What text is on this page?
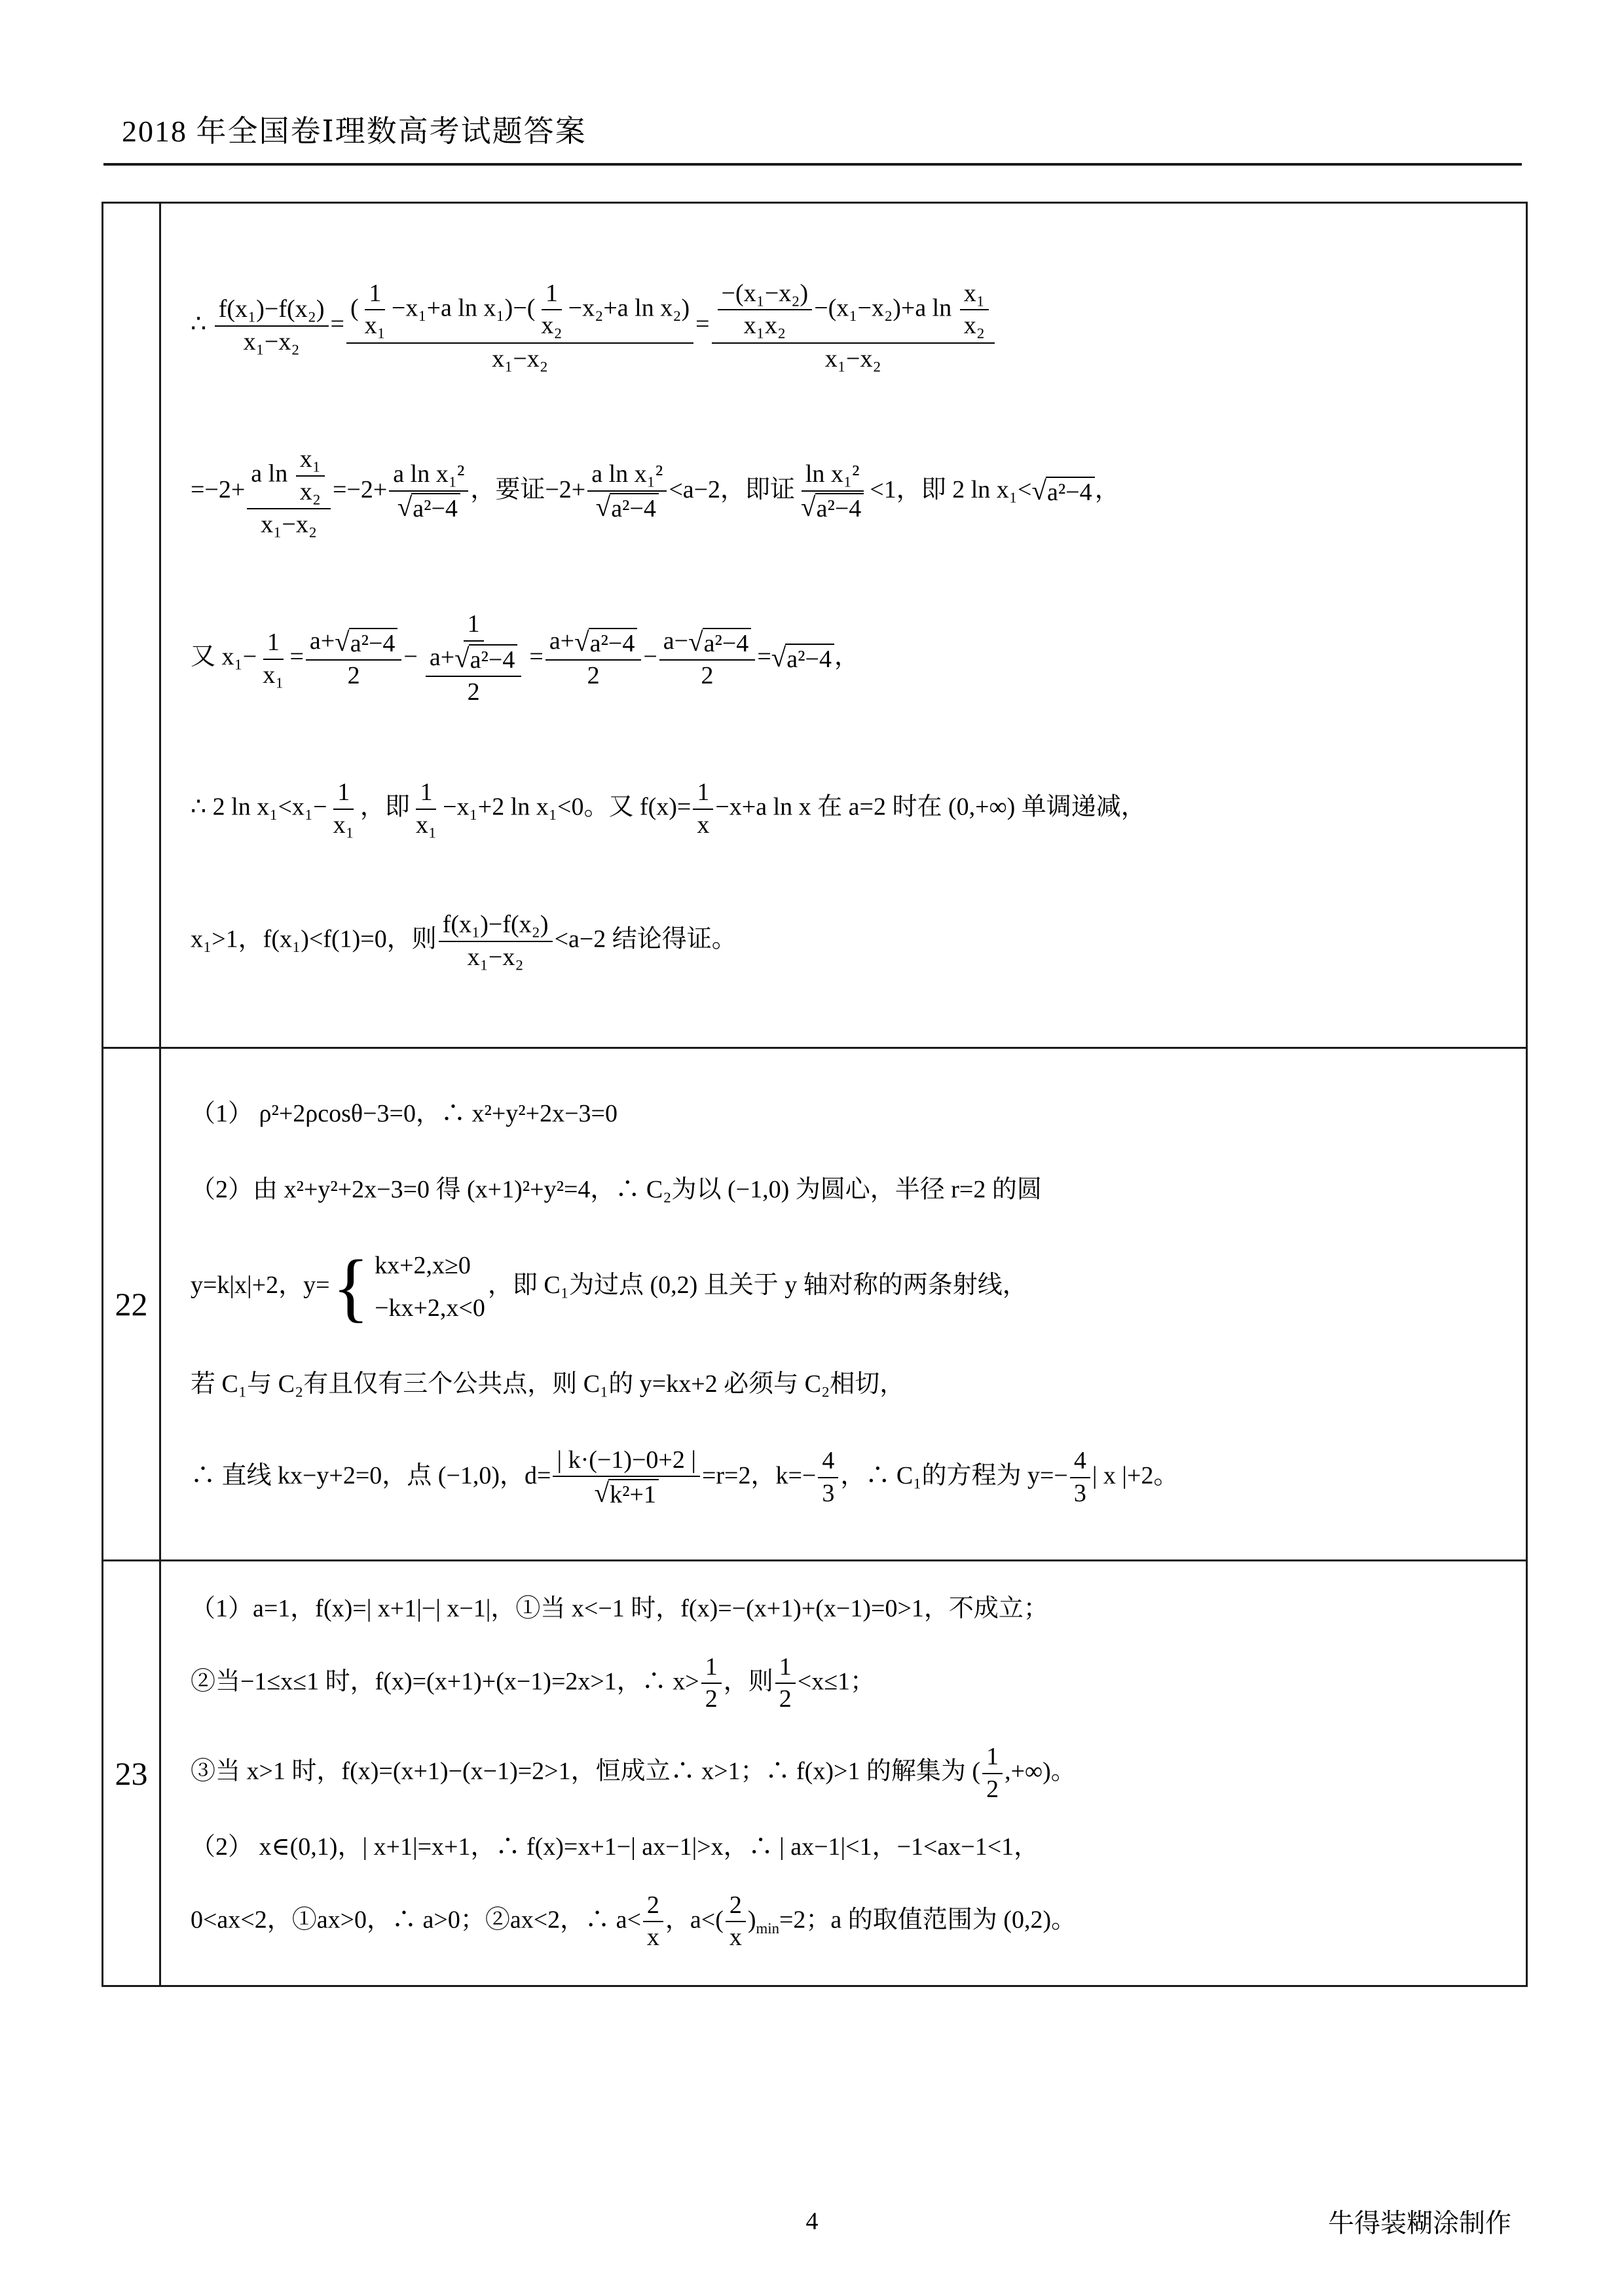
2018 年全国卷Ⅰ理数高考试题答案
∴ $\frac{\text{f(x₁)−f(x₂)}}{\text{x₁−x₂}} = \frac{( \frac{1}{\text{x₁}} -x_1+a \ln x_1)-( \frac{1}{\text{x₂}} -x_2+a \ln x_2)}{\text{x₁−x₂}} = \frac{\frac{\text{−(x₁−x₂)}}{\text{x₁x₂}} -(x_1-x_2)+a \ln \frac{\text{x₁}}{\text{x₂}}}{\text{x₁−x₂}}$
$=-2+ \frac{a \ln \frac{\text{x₁}}{\text{x₂}}}{\text{x₁−x₂}} =-2+ \frac{\text{a ln x₁²}}{\text{√ a²−4}}$ ，要证$-2+ \frac{\text{a ln x₁²}}{\text{√ a²−4}} <a-2$，即证 $\frac{\text{ln x₁²}}{\text{√ a²−4}} <1$，即 2 ln x₁< √ a²−4 ，
又 $x_1- \frac{1}{\text{x₁}} = \frac{\text{a+ √ a²−4}}{2} - \frac{1}{\frac{\text{a+ √ a²−4}}{2}} = \frac{\text{a+ √ a²−4}}{2} - \frac{\text{a− √ a²−4}}{2}$ = √ a²−4 ，
∴ 2 $\ln x_1<x_1- \frac{1}{\text{x₁}}$ ，即 $\frac{1}{\text{x₁}} -x_1+2$ ln x₁<0。又 $f(x)= \frac{1}{x} -x+a$ ln x 在 a=2 时在 (0,+∞) 单调递减，
x₁>1，f(x₁)<f(1)=0，则 $\frac{\text{f(x₁)−f(x₂)}}{\text{x₁−x₂}} <a-2$ 结论得证。
22
（1） ρ²+2ρcosθ−3=0，∴ x²+y²+2x−3=0
（2）由 x²+y²+2x−3=0 得 (x+1)²+y²=4，∴ C₂为以 (−1,0) 为圆心，半径 r=2 的圆
y=k|x|+2，y= { kx+2,x≥0
−kx+2,x<0
，即 C₁为过点 (0,2) 且关于 y 轴对称的两条射线，
若 C₁与 C₂有且仅有三个公共点，则 C₁的 y=kx+2 必须与 C₂相切，
∴ 直线 kx−y+2=0，点 (−1,0)，$d= \frac{| k\cdot(-1)-0+2 |}{\text{√ k²+1}} =r=2$，$k=- \frac{4}{3}$ ，∴ C₁的方程为 $y=- \frac{4}{3}$ | x |+2。
23
（1）a=1，f(x)=| x+1|−| x−1|，①当 x<−1 时，f(x)=−(x+1)+(x−1)=0>1，不成立；
②当−1≤x≤1 时，f(x)=(x+1)+(x−1)=2x>1，∴ $x> \frac{1}{2}$ ，则 $\frac{1}{2} <x\le 1$；
③当 x>1 时，f(x)=(x+1)−(x−1)=2>1，恒成立∴ x>1；∴ f(x)>1 的解集为 ( $\frac{1}{2}$ ,+∞)。
（2） x∈(0,1)，| x+1|=x+1，∴ f(x)=x+1−| ax−1|>x，∴ | ax−1|<1，−1<ax−1<1，
0<ax<2，①ax>0，∴ a>0；②ax<2，∴ $a< \frac{2}{x}$ ，$a<( \frac{2}{x} )_{min}=2$；a 的取值范围为 (0,2)。
4	牛得装糊涂制作
